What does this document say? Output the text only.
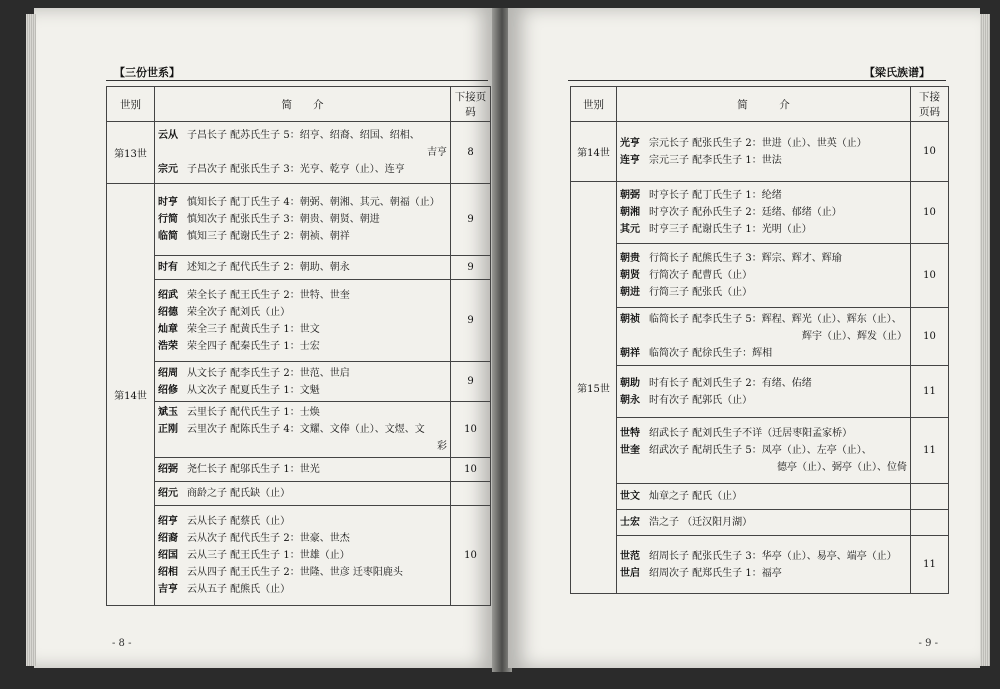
【三份世系】
世别	简　　介	下接页码
第13世	云从 子昌长子 配苏氏生子 5：绍亨、绍裔、绍国、绍相、
吉亨
宗元 子昌次子 配张氏生子 3：光亨、乾亨（止）、连亨	8
第14世	时亨 慎知长子 配丁氏生子 4：朝弼、朝湘、其元、朝福（止）
行简 慎知次子 配张氏生子 3：朝贵、朝贤、朝进
临简 慎知三子 配谢氏生子 2：朝祯、朝祥	9

	时有 述知之子 配代氏生子 2：朝助、朝永	9

	绍武 荣全长子 配王氏生子 2：世特、世奎
绍德 荣全次子 配刘氏（止）
灿章 荣全三子 配黄氏生子 1：世文
浩荣 荣全四子 配秦氏生子 1：士宏	9

	绍周 从文长子 配李氏生子 2：世范、世启
绍修 从文次子 配夏氏生子 1：文魁	9

	斌玉 云里长子 配代氏生子 1：士焕
正刚 云里次子 配陈氏生子 4：文耀、文俸（止）、文煜、文
彩	10

	绍弼 尧仁长子 配邬氏生子 1：世光	10

	绍元 商龄之子 配氏缺（止）	

	绍亨 云从长子 配蔡氏（止）
绍裔 云从次子 配代氏生子 2：世豪、世杰
绍国 云从三子 配王氏生子 1：世雄（止）
绍相 云从四子 配王氏生子 2：世隆、世彦 迁枣阳鹿头
吉亨 云从五子 配熊氏（止）	10
- 8 -
【梁氏族谱】
世别	简　　　介	下接页码
第14世	光亨 宗元长子 配张氏生子 2：世进（止）、世英（止）
连亨 宗元三子 配李氏生子 1：世法	10
第15世	朝弼 时亨长子 配丁氏生子 1：纶绪
朝湘 时亨次子 配孙氏生子 2：廷绪、郁绪（止）
其元 时亨三子 配谢氏生子 1：光明（止）	10

	朝贵 行简长子 配熊氏生子 3：辉宗、辉才、辉瑜
朝贤 行简次子 配曹氏（止）
朝进 行简三子 配张氏（止）	10

	朝祯 临简长子 配李氏生子 5：辉程、辉光（止）、辉东（止）、
辉宇（止）、辉发（止）
朝祥 临简次子 配徐氏生子：辉相	10

	朝助 时有长子 配刘氏生子 2：有绪、佑绪
朝永 时有次子 配郭氏（止）	11

	世特 绍武长子 配刘氏生子不详（迁居枣阳孟家桥）
世奎 绍武次子 配胡氏生子 5：凤亭（止）、左亭（止）、
德亭（止）、弼亭（止）、位倚	11

	世文 灿章之子 配氏（止）	

	士宏 浩之子 （迁汉阳月湖）	

	世范 绍周长子 配张氏生子 3：华亭（止）、易亭、端亭（止）
世启 绍周次子 配郑氏生子 1：福亭	11
- 9 -
